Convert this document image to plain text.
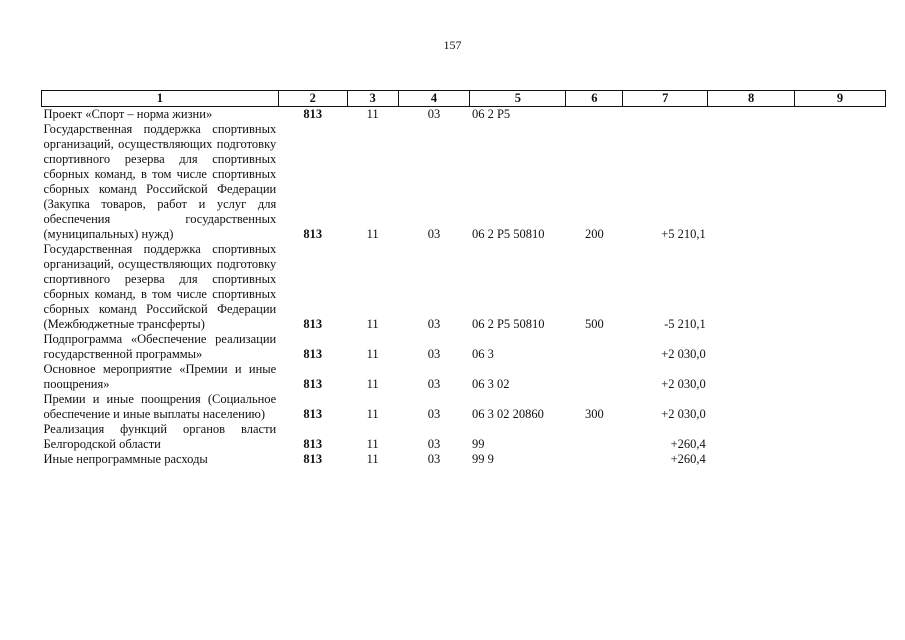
157
1	2	3	4	5	6	7	8	9
Проект «Спорт – норма жизни»	813	11	03	06 2 Р5				
Государственная поддержка спортивных организаций, осуществляющих подготовку спортивного резерва для спортивных сборных команд, в том числе спортивных сборных команд Российской Федерации (Закупка товаров, работ и услуг для обеспечения государственных (муниципальных) нужд)	813	11	03	06 2 Р5 50810	200	+5 210,1		
Государственная поддержка спортивных организаций, осуществляющих подготовку спортивного резерва для спортивных сборных команд, в том числе спортивных сборных команд Российской Федерации (Межбюджетные трансферты)	813	11	03	06 2 Р5 50810	500	-5 210,1		
Подпрограмма «Обеспечение реализации государственной программы»	813	11	03	06 3		+2 030,0		
Основное мероприятие «Премии и иные поощрения»	813	11	03	06 3 02		+2 030,0		
Премии и иные поощрения (Социальное обеспечение и иные выплаты населению)	813	11	03	06 3 02 20860	300	+2 030,0		
Реализация функций органов власти Белгородской области	813	11	03	99		+260,4		
Иные непрограммные расходы	813	11	03	99 9		+260,4		
